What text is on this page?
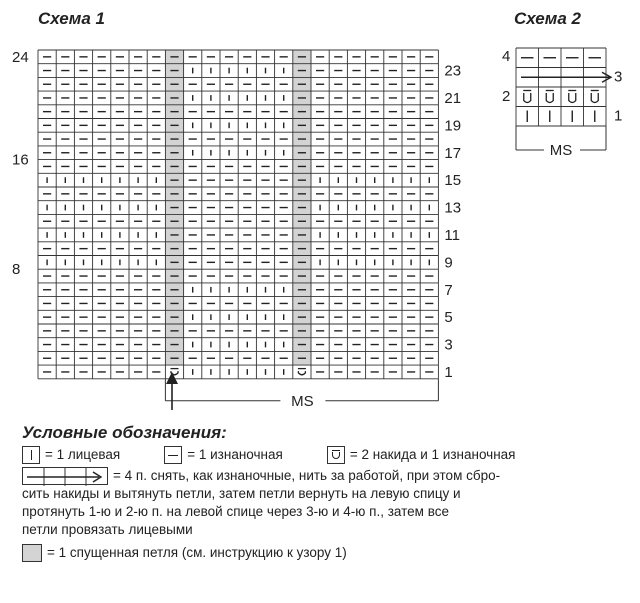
Схема 1	Схема 2
23
21
19
17
15
13
11
9
7
5
3
1
24
16
8
MS
4
2
3
1
MS
Условные обозначения:
= 1 лицевая	= 1 изнаночная	= 2 накида и 1 изнаночная
= 4 п. снять, как изнаночные, нить за работой, при этом сбро-
сить накиды и вытянуть петли, затем петли вернуть на левую спицу и
протянуть 1-ю и 2-ю п. на левой спице через 3-ю и 4-ю п., затем все
петли провязать лицевыми
= 1 спущенная петля (см. инструкцию к узору 1)
